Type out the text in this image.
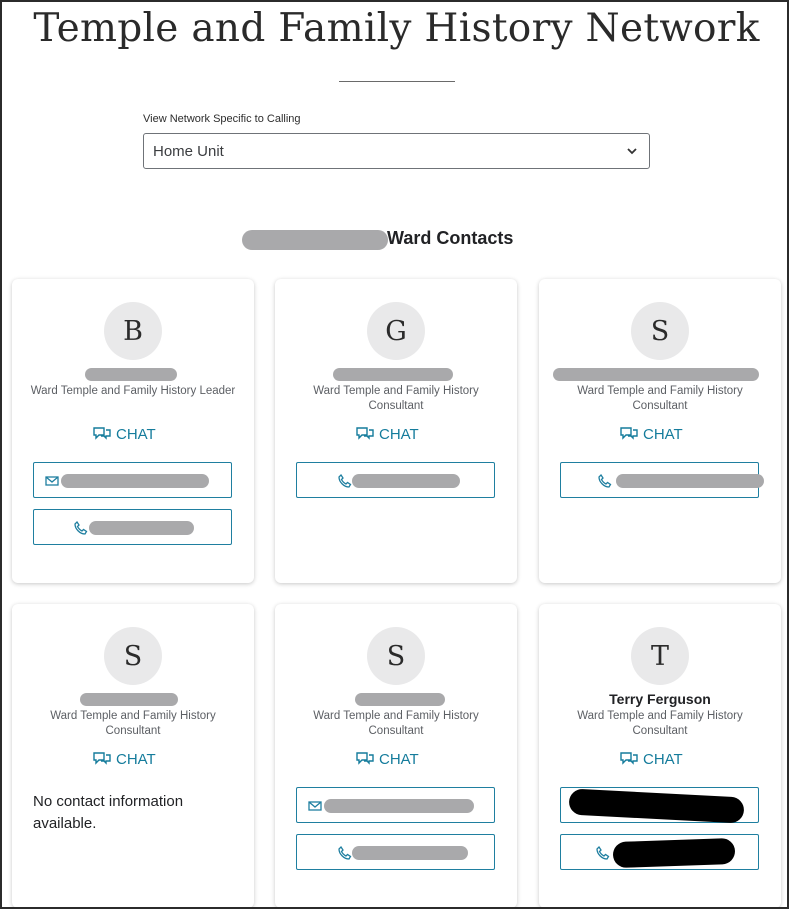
Temple and Family History Network
View Network Specific to Calling
Home Unit
Ward Contacts
B
Ward Temple and Family History Leader
CHAT
G
Ward Temple and Family History Consultant
CHAT
S
Ward Temple and Family History Consultant
CHAT
S
Ward Temple and Family History Consultant
CHAT
No contact information available.
S
Ward Temple and Family History Consultant
CHAT
T
Terry Ferguson
Ward Temple and Family History Consultant
CHAT
